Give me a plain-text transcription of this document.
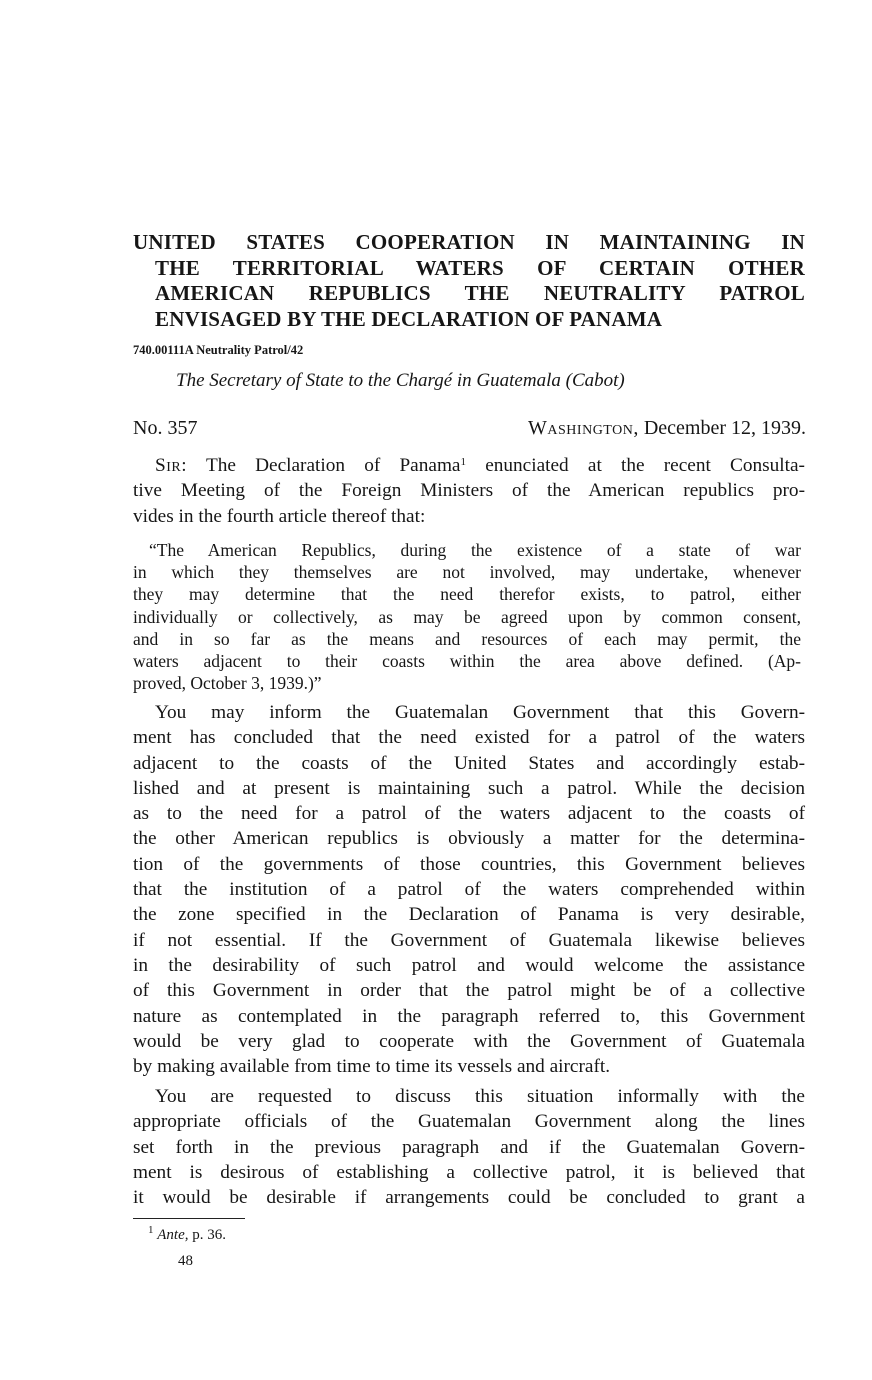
UNITED STATES COOPERATION IN MAINTAINING IN
THE TERRITORIAL WATERS OF CERTAIN OTHER
AMERICAN REPUBLICS THE NEUTRALITY PATROL
ENVISAGED BY THE DECLARATION OF PANAMA
740.00111A Neutrality Patrol/42
The Secretary of State to the Chargé in Guatemala (Cabot)
No. 357	Washington, December 12, 1939.
Sir: The Declaration of Panama$^1$ enunciated at the recent Consulta-
tive Meeting of the Foreign Ministers of the American republics pro-
vides in the fourth article thereof that:
“The American Republics, during the existence of a state of war
in which they themselves are not involved, may undertake, whenever
they may determine that the need therefor exists, to patrol, either
individually or collectively, as may be agreed upon by common consent,
and in so far as the means and resources of each may permit, the
waters adjacent to their coasts within the area above defined. (Ap-
proved, October 3, 1939.)”
You may inform the Guatemalan Government that this Govern-
ment has concluded that the need existed for a patrol of the waters
adjacent to the coasts of the United States and accordingly estab-
lished and at present is maintaining such a patrol. While the decision
as to the need for a patrol of the waters adjacent to the coasts of
the other American republics is obviously a matter for the determina-
tion of the governments of those countries, this Government believes
that the institution of a patrol of the waters comprehended within
the zone specified in the Declaration of Panama is very desirable,
if not essential. If the Government of Guatemala likewise believes
in the desirability of such patrol and would welcome the assistance
of this Government in order that the patrol might be of a collective
nature as contemplated in the paragraph referred to, this Government
would be very glad to cooperate with the Government of Guatemala
by making available from time to time its vessels and aircraft.
You are requested to discuss this situation informally with the
appropriate officials of the Guatemalan Government along the lines
set forth in the previous paragraph and if the Guatemalan Govern-
ment is desirous of establishing a collective patrol, it is believed that
it would be desirable if arrangements could be concluded to grant a
$^1$ Ante, p. 36.
48
